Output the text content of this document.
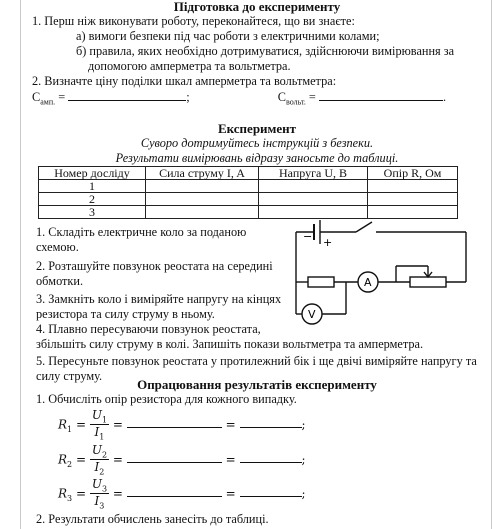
Підготовка до експерименту

1. Перш ніж виконувати роботу, переконайтеся, що ви знаєте:

а) вимоги безпеки під час роботи з електричними колами;

б) правила, яких необхідно дотримуватися, здійснюючи вимірювання за

допомогою амперметра та вольтметра.

2. Визначте ціну поділки шкал амперметра та вольтметра:

$C_{амп.}$ =	;	$C_{вольт.}$ =	.

Експеримент

Суворо дотримуйтесь інструкцій з безпеки.

Результати вимірювань відразу заносьте до таблиці.

Номер досліду	Сила струму I, A	Напруга U, B	Опір R, Ом
1			
2			
3			
1. Складіть електричне коло за поданою
схемою.
2. Розташуйте повзунок реостата на середині
обмотки.
3. Замкніть коло і виміряйте напругу на кінцях
резистора та силу струму в ньому.
4. Плавно пересуваючи повзунок реостата,
збільшіть силу струму в колі. Запишіть покази вольтметра та амперметра.
5. Пересуньте повзунок реостата у протилежний бік і ще двічі виміряйте напругу та
силу струму.
− +
A
V
Опрацювання результатів експерименту
1. Обчисліть опір резистора для кожного випадку.
$R_1 = \frac{U_1}{I_1}$ =	=	;
$R_2 = \frac{U_2}{I_2}$ =	=	;
$R_3 = \frac{U_3}{I_3}$ =	=	;
2. Результати обчислень занесіть до таблиці.
